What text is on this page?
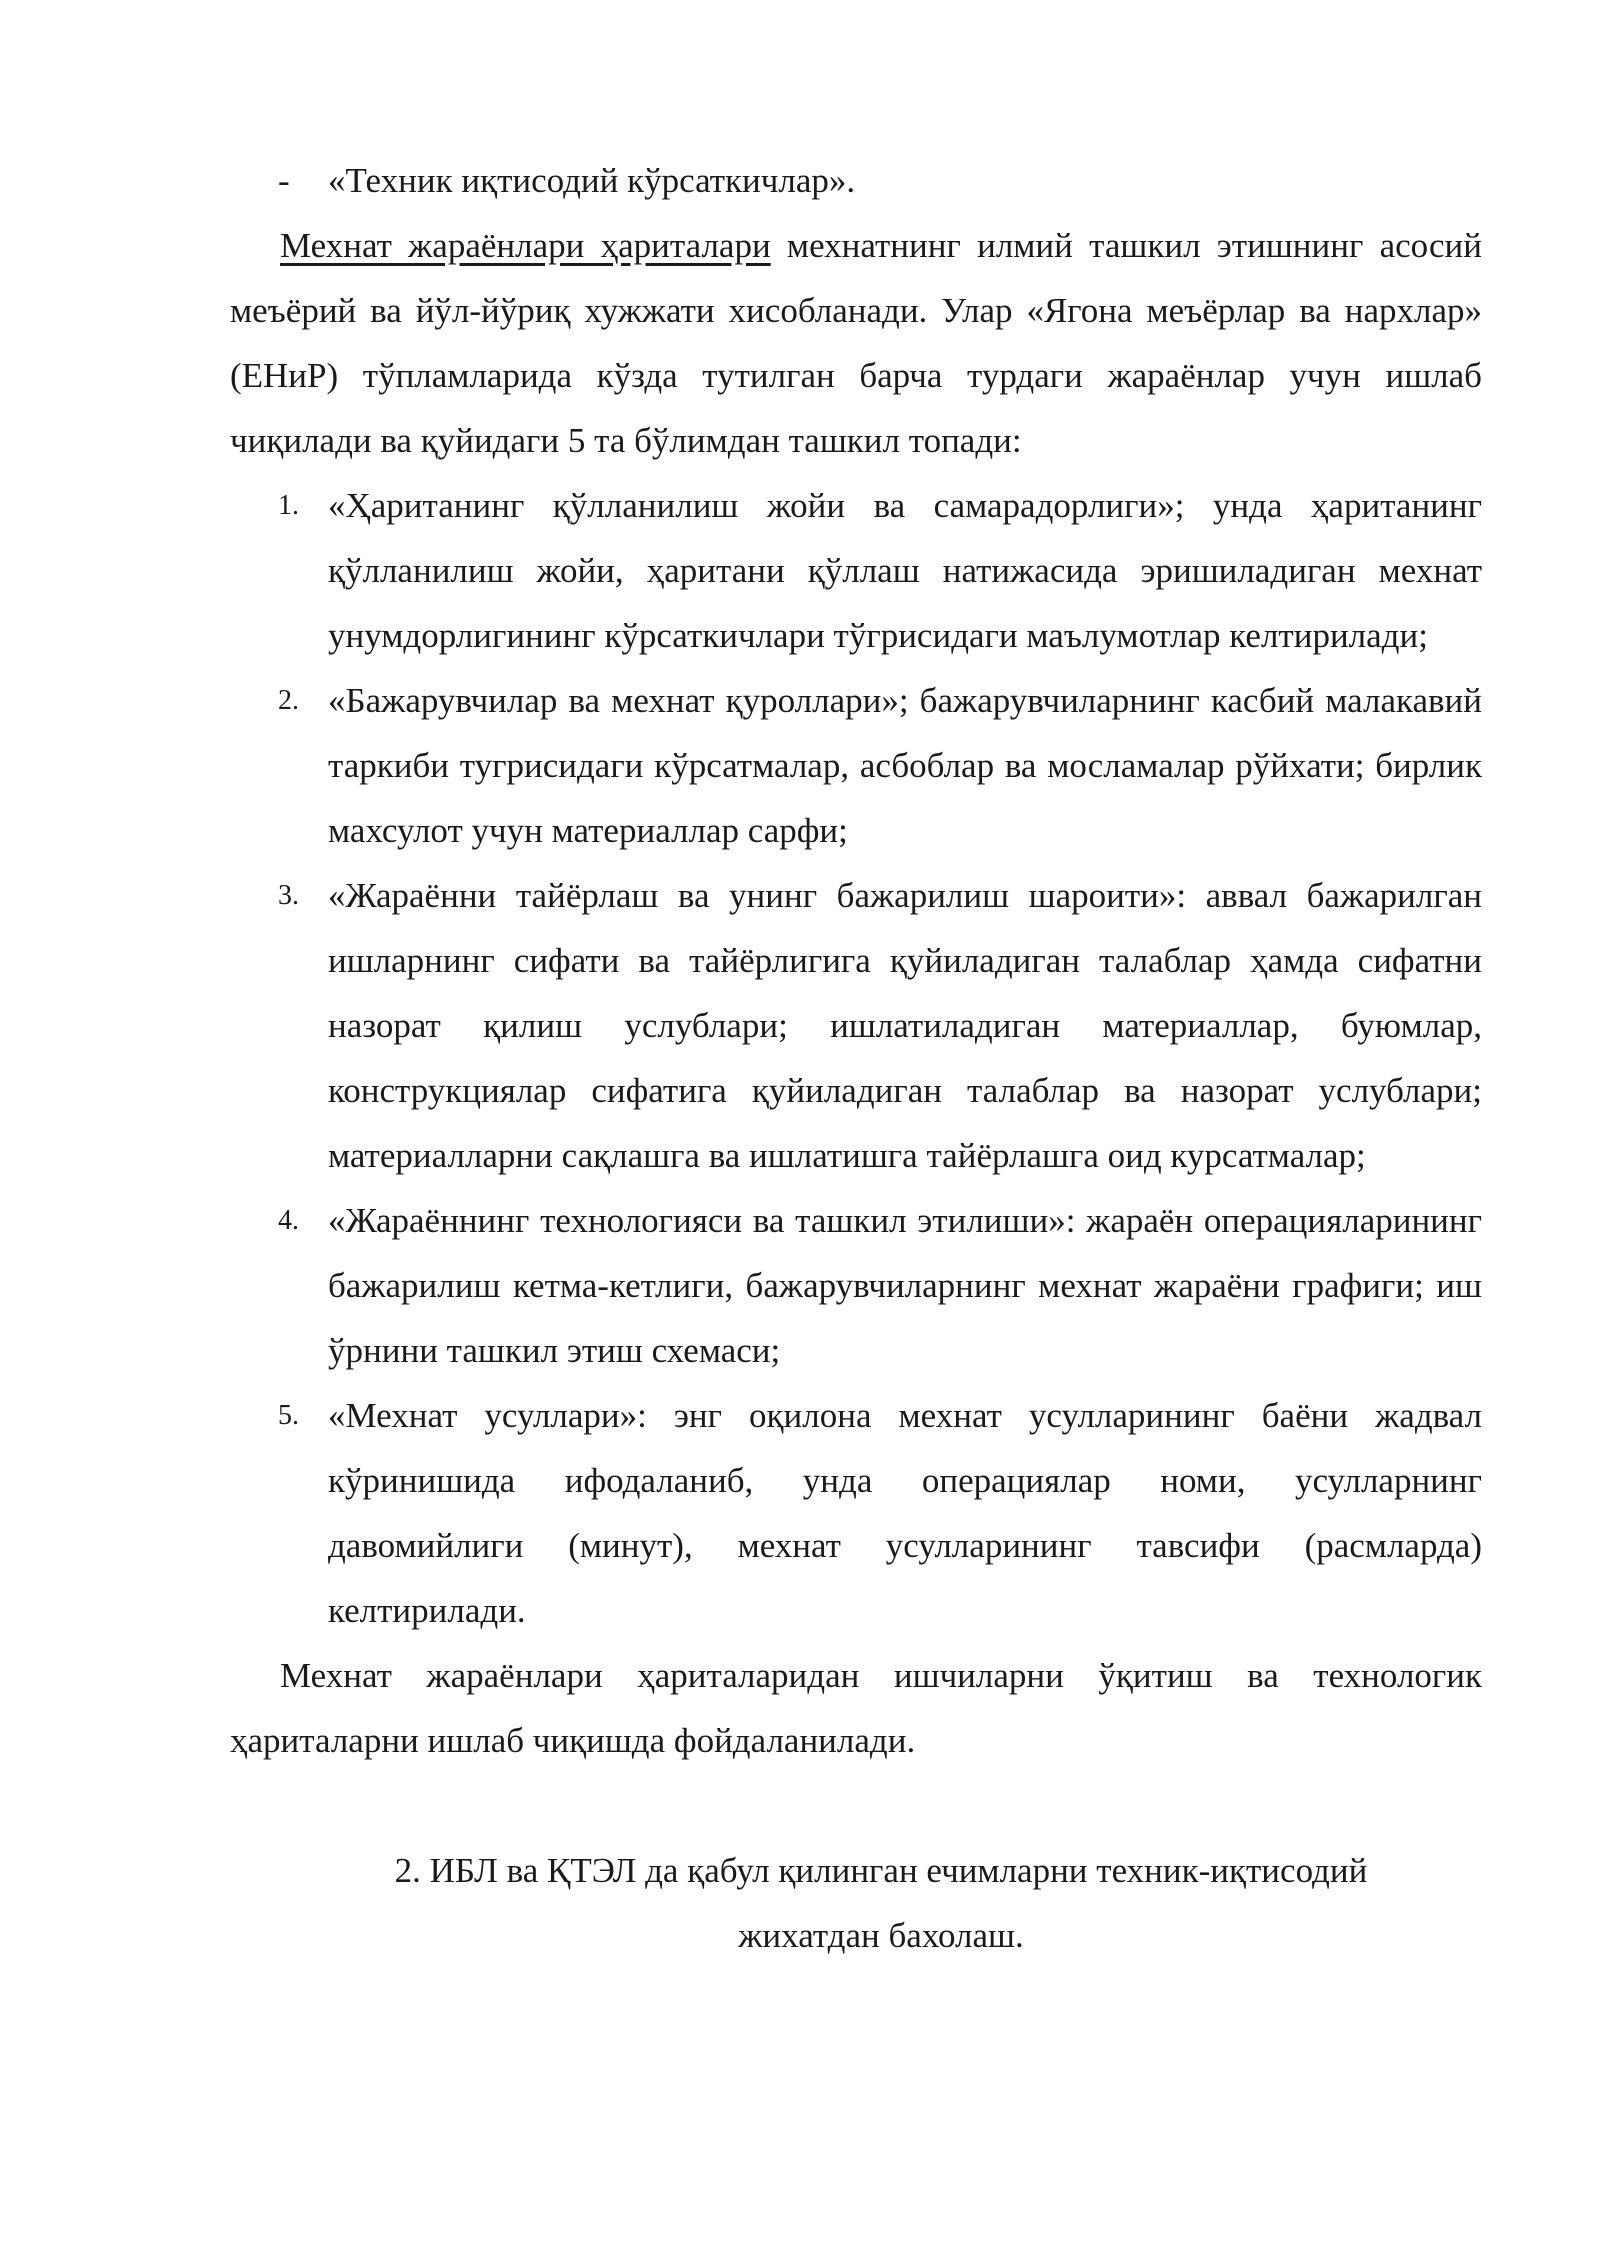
- «Техник иқтисодий кўрсаткичлар».

Мехнат жараёнлари ҳариталари мехнатнинг илмий ташкил этишнинг асосий меъёрий ва йўл-йўриқ хужжати хисобланади. Улар «Ягона меъёрлар ва нархлар» (ЕНиР) тўпламларида кўзда тутилган барча турдаги жараёнлар учун ишлаб чиқилади ва қуйидаги 5 та бўлимдан ташкил топади:

1. «Ҳаританинг қўлланилиш жойи ва самарадорлиги»; унда ҳаританинг қўлланилиш жойи, ҳаритани қўллаш натижасида эришиладиган мехнат унумдорлигининг кўрсаткичлари тўгрисидаги маълумотлар келтирилади;

2. «Бажарувчилар ва мехнат қуроллари»; бажарувчиларнинг касбий малакавий таркиби тугрисидаги кўрсатмалар, асбоблар ва мосламалар рўйхати; бирлик махсулот учун материаллар сарфи;

3. «Жараённи тайёрлаш ва унинг бажарилиш шароити»: аввал бажарилган ишларнинг сифати ва тайёрлигига қуйиладиган талаблар ҳамда сифатни назорат қилиш услублари; ишлатиладиган материаллар, буюмлар, конструкциялар сифатига қуйиладиган талаблар ва назорат услублари; материалларни сақлашга ва ишлатишга тайёрлашга оид курсатмалар;

4. «Жараённинг технологияси ва ташкил этилиши»: жараён операцияларининг бажарилиш кетма-кетлиги, бажарувчиларнинг мехнат жараёни графиги; иш ўрнини ташкил этиш схемаси;

5. «Мехнат усуллари»: энг оқилона мехнат усулларининг баёни жадвал кўринишида ифодаланиб, унда операциялар номи, усулларнинг давомийлиги (минут), мехнат усулларининг тавсифи (расмларда) келтирилади.

Мехнат жараёнлари ҳариталаридан ишчиларни ўқитиш ва технологик ҳариталарни ишлаб чиқишда фойдаланилади.

2. ИБЛ ва ҚТЭЛ да қабул қилинган ечимларни техник-иқтисодий
жихатдан бахолаш.
